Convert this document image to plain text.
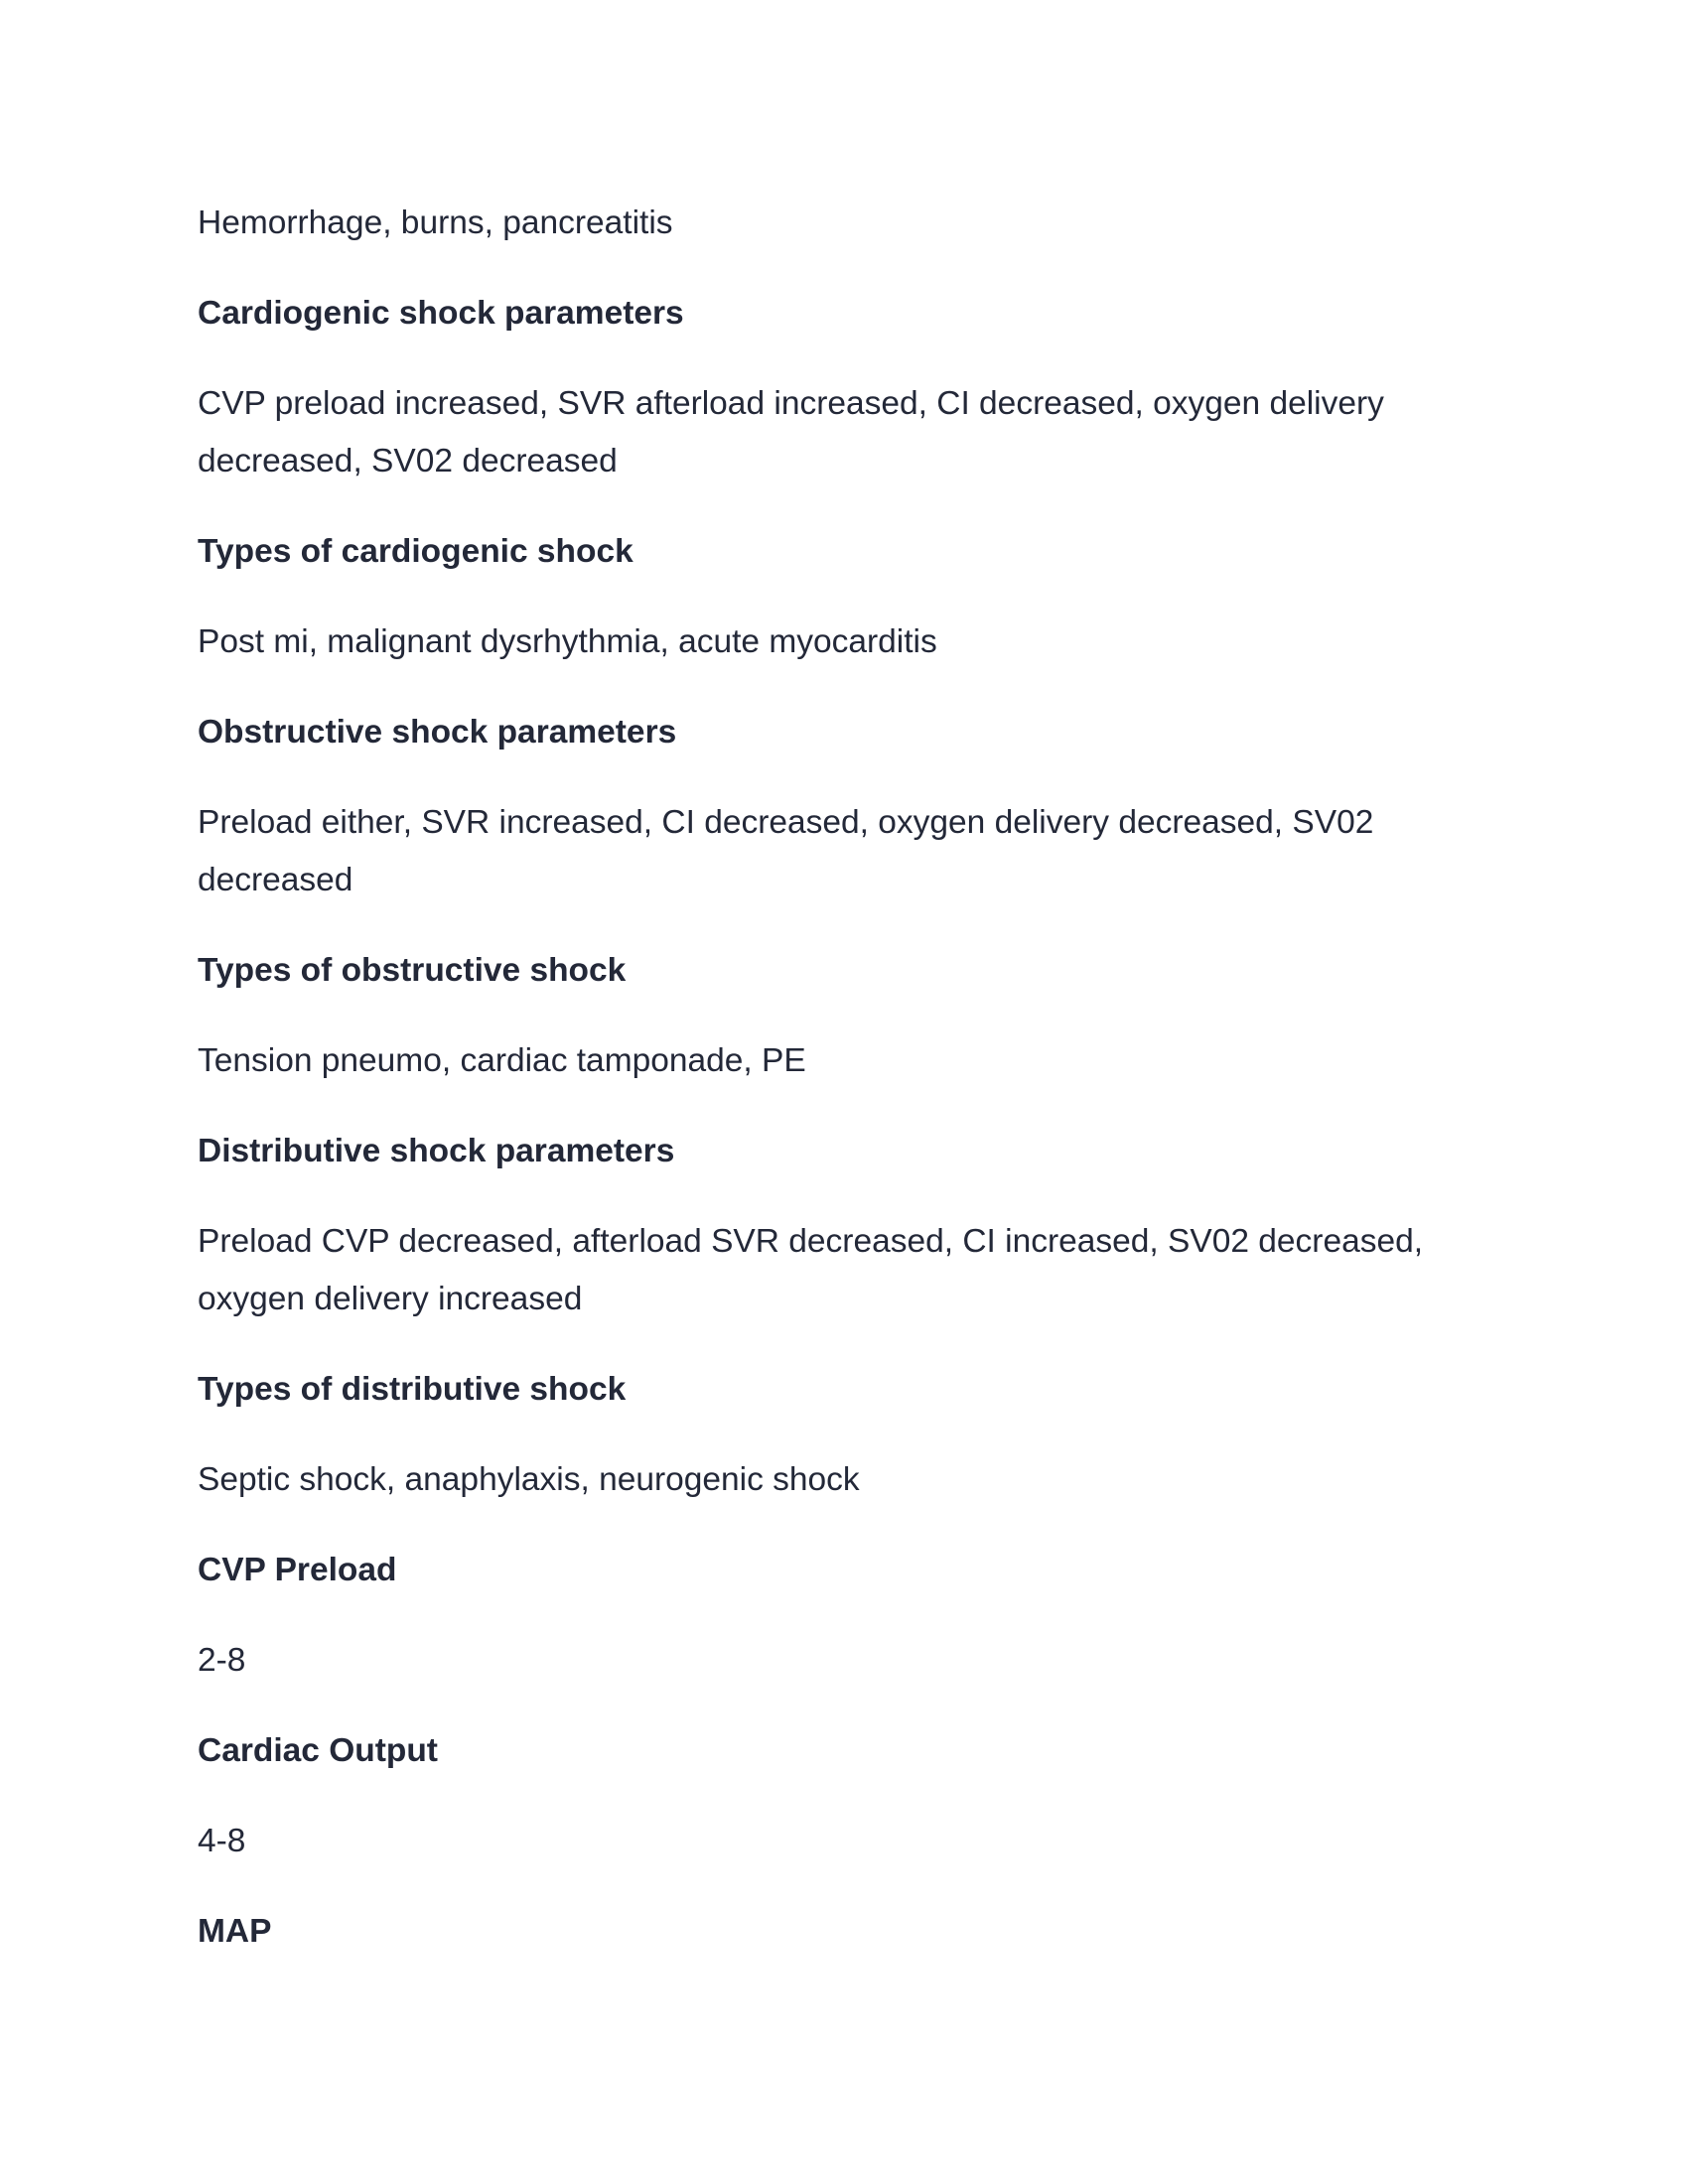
Hemorrhage, burns, pancreatitis

Cardiogenic shock parameters

CVP preload increased, SVR afterload increased, CI decreased, oxygen delivery

decreased, SV02 decreased

Types of cardiogenic shock

Post mi, malignant dysrhythmia, acute myocarditis

Obstructive shock parameters

Preload either, SVR increased, CI decreased, oxygen delivery decreased, SV02

decreased

Types of obstructive shock

Tension pneumo, cardiac tamponade, PE

Distributive shock parameters

Preload CVP decreased, afterload SVR decreased, CI increased, SV02 decreased,

oxygen delivery increased

Types of distributive shock

Septic shock, anaphylaxis, neurogenic shock

CVP Preload

2-8

Cardiac Output

4-8

MAP
